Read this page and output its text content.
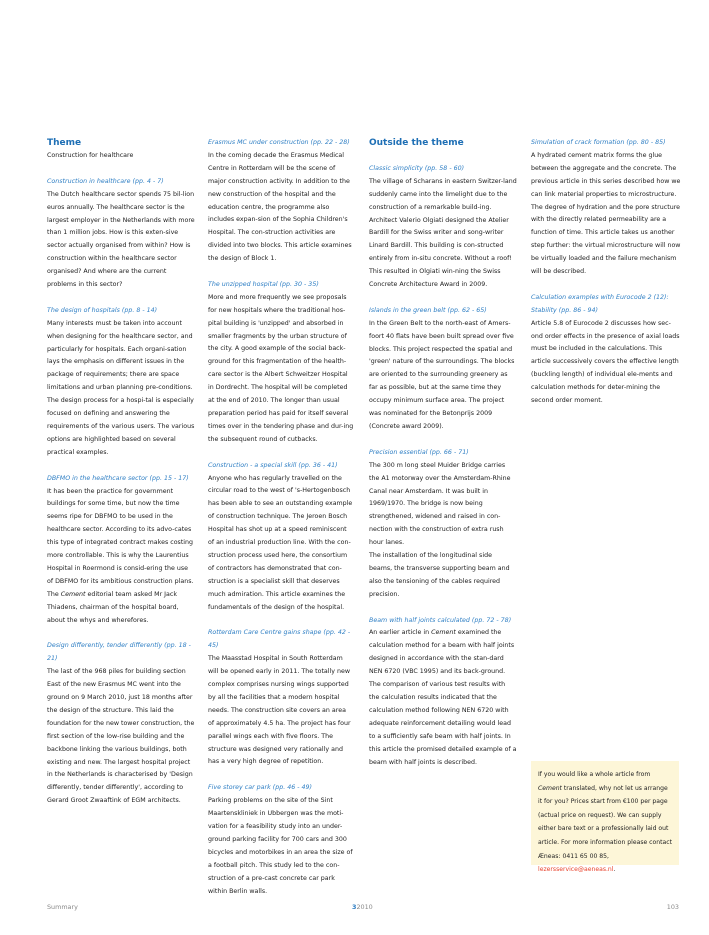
Theme

Construction for healthcare

Construction in healthcare (pp. 4 - 7)

The Dutch healthcare sector spends 75 bil-lion euros annually. The healthcare sector is the largest employer in the Netherlands with more than 1 million jobs. How is this exten-sive sector actually organised from within? How is construction within the healthcare sector organised? And where are the current problems in this sector?

The design of hospitals (pp. 8 - 14)

Many interests must be taken into account when designing for the healthcare sector, and particularly for hospitals. Each organi-sation lays the emphasis on different issues in the package of requirements; there are space limitations and urban planning pre-conditions. The design process for a hospi-tal is especially focused on defining and answering the requirements of the various users. The various options are highlighted based on several practical examples.

DBFMO in the healthcare sector (pp. 15 - 17)

It has been the practice for government buildings for some time, but now the time seems ripe for DBFMO to be used in the healthcare sector. According to its advo-cates this type of integrated contract makes costing more controllable. This is why the Laurentius Hospital in Roermond is consid-ering the use of DBFMO for its ambitious construction plans. The Cement editorial team asked Mr Jack Thiadens, chairman of the hospital board, about the whys and wherefores.

Design differently, tender differently (pp. 18 - 21)

The last of the 968 piles for building section East of the new Erasmus MC went into the ground on 9 March 2010, just 18 months after the design of the structure. This laid the foundation for the new tower construction, the first section of the low-rise building and the backbone linking the various buildings, both existing and new. The largest hospital project in the Netherlands is characterised by 'Design differently, tender differently', according to Gerard Groot Zwaaftink of EGM architects.

Erasmus MC under construction (pp. 22 - 28)

In the coming decade the Erasmus Medical Centre in Rotterdam will be the scene of major construction activity. In addition to the new construction of the hospital and the education centre, the programme also includes expan-sion of the Sophia Children's Hospital. The con-struction activities are divided into two blocks. This article examines the design of Block 1.

The unzipped hospital (pp. 30 - 35)

More and more frequently we see proposals for new hospitals where the traditional hos-pital building is 'unzipped' and absorbed in smaller fragments by the urban structure of the city. A good example of the social back-ground for this fragmentation of the health-care sector is the Albert Schweitzer Hospital in Dordrecht. The hospital will be completed at the end of 2010. The longer than usual preparation period has paid for itself several times over in the tendering phase and dur-ing the subsequent round of cutbacks.

Construction - a special skill (pp. 36 - 41)

Anyone who has regularly travelled on the circular road to the west of 's-Hertogenbosch has been able to see an outstanding example of construction technique. The Jeroen Bosch Hospital has shot up at a speed reminiscent of an industrial production line. With the con-struction process used here, the consortium of contractors has demonstrated that con-struction is a specialist skill that deserves much admiration. This article examines the fundamentals of the design of the hospital.

Rotterdam Care Centre gains shape (pp. 42 - 45)

The Maasstad Hospital in South Rotterdam will be opened early in 2011. The totally new complex comprises nursing wings supported by all the facilities that a modern hospital needs. The construction site covers an area of approximately 4.5 ha. The project has four parallel wings each with five floors. The structure was designed very rationally and has a very high degree of repetition.

Five storey car park (pp. 46 - 49)

Parking problems on the site of the Sint Maartenskliniek in Ubbergen was the moti-vation for a feasibility study into an under-ground parking facility for 700 cars and 300 bicycles and motorbikes in an area the size of a football pitch. This study led to the con-struction of a pre-cast concrete car park within Berlin walls.

Outside the theme

Classic simplicity (pp. 58 - 60)

The village of Scharans in eastern Switzer-land suddenly came into the limelight due to the construction of a remarkable build-ing. Architect Valerio Olgiati designed the Atelier Bardill for the Swiss writer and song-writer Linard Bardill. This building is con-structed entirely from in-situ concrete. Without a roof! This resulted in Olgiati win-ning the Swiss Concrete Architecture Award in 2009.

Islands in the green belt (pp. 62 - 65)

In the Green Belt to the north-east of Amers-foort 40 flats have been built spread over five blocks. This project respected the spatial and 'green' nature of the surroundings. The blocks are oriented to the surrounding greenery as far as possible, but at the same time they occupy minimum surface area. The project was nominated for the Betonprijs 2009 (Concrete award 2009).

Precision essential (pp. 66 - 71)

The 300 m long steel Muider Bridge carries the A1 motorway over the Amsterdam-Rhine Canal near Amsterdam. It was built in 1969/1970. The bridge is now being strengthened, widened and raised in con-nection with the construction of extra rush hour lanes.

The installation of the longitudinal side beams, the transverse supporting beam and also the tensioning of the cables required precision.

Beam with half joints calculated (pp. 72 - 78)

An earlier article in Cement examined the calculation method for a beam with half joints designed in accordance with the stan-dard NEN 6720 (VBC 1995) and its back-ground. The comparison of various test results with the calculation results indicated that the calculation method following NEN 6720 with adequate reinforcement detailing would lead to a sufficiently safe beam with half joints. In this article the promised detailed example of a beam with half joints is described.

Simulation of crack formation (pp. 80 - 85)

A hydrated cement matrix forms the glue between the aggregate and the concrete. The previous article in this series described how we can link material properties to microstructure. The degree of hydration and the pore structure with the directly related permeability are a function of time. This article takes us another step further: the virtual microstructure will now be virtually loaded and the failure mechanism will be described.

Calculation examples with Eurocode 2 (12): Stability (pp. 86 - 94)

Article 5.8 of Eurocode 2 discusses how sec-ond order effects in the presence of axial loads must be included in the calculations. This article successively covers the effective length (buckling length) of individual ele-ments and calculation methods for deter-mining the second order moment.

If you would like a whole article from Cement translated, why not let us arrange it for you? Prices start from €100 per page (actual price on request). We can supply either bare text or a professionally laid out article. For more information please contact Æneas: 0411 65 00 85, lezersservice@aeneas.nl.
Summary	32010	103
